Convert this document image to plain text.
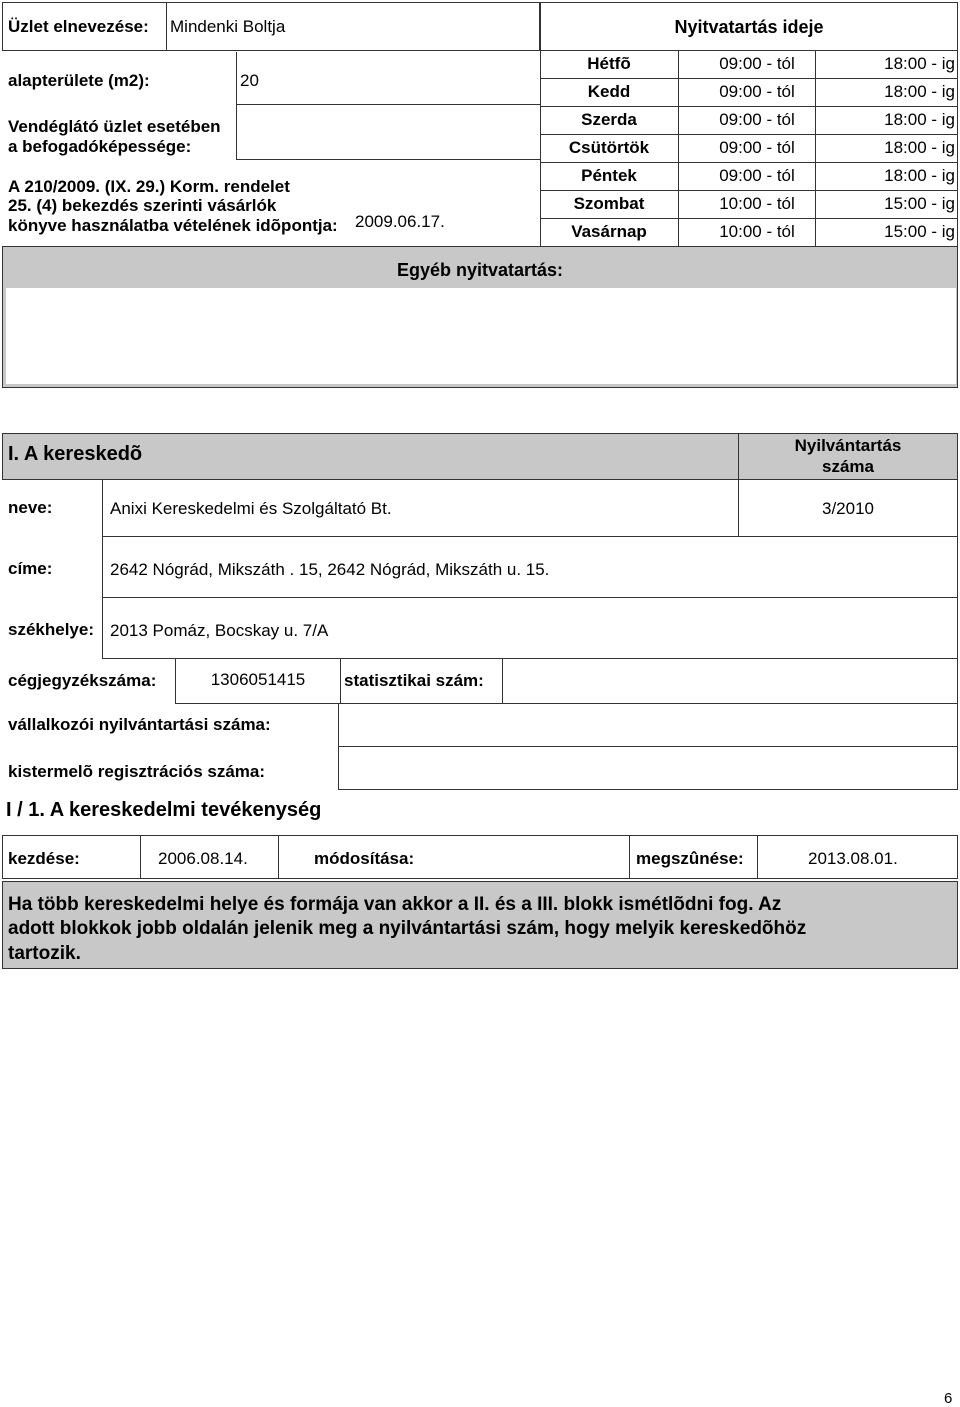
Üzlet elnevezése: Mindenki Boltja
alapterülete (m2):	20
Vendéglátó üzlet esetében
a befogadóképessége:
A 210/2009. (IX. 29.) Korm. rendelet
25. (4) bekezdés szerinti vásárlók
könyve használatba vételének idõpontja: 2009.06.17.
Nyitvatartás ideje
Hétfõ	09:00 - tól	18:00 - ig
Kedd	09:00 - tól	18:00 - ig
Szerda	09:00 - tól	18:00 - ig
Csütörtök	09:00 - tól	18:00 - ig
Péntek	09:00 - tól	18:00 - ig
Szombat	10:00 - tól	15:00 - ig
Vasárnap	10:00 - tól	15:00 - ig
Egyéb nyitvatartás:
I. A kereskedõ	Nyilvántartás
száma
neve:	Anixi Kereskedelmi és Szolgáltató Bt.	3/2010
címe:	2642 Nógrád, Mikszáth . 15, 2642 Nógrád, Mikszáth u. 15.
székhelye: 2013 Pomáz, Bocskay u. 7/A
cégjegyzékszáma:	1306051415	statisztikai szám:
vállalkozói nyilvántartási száma:
kistermelõ regisztrációs száma:
I / 1. A kereskedelmi tevékenység
kezdése:	2006.08.14.	módosítása:	megszûnése:	2013.08.01.
Ha több kereskedelmi helye és formája van akkor a II. és a III. blokk ismétlõdni fog. Az
adott blokkok jobb oldalán jelenik meg a nyilvántartási szám, hogy melyik kereskedõhöz
tartozik.
6
